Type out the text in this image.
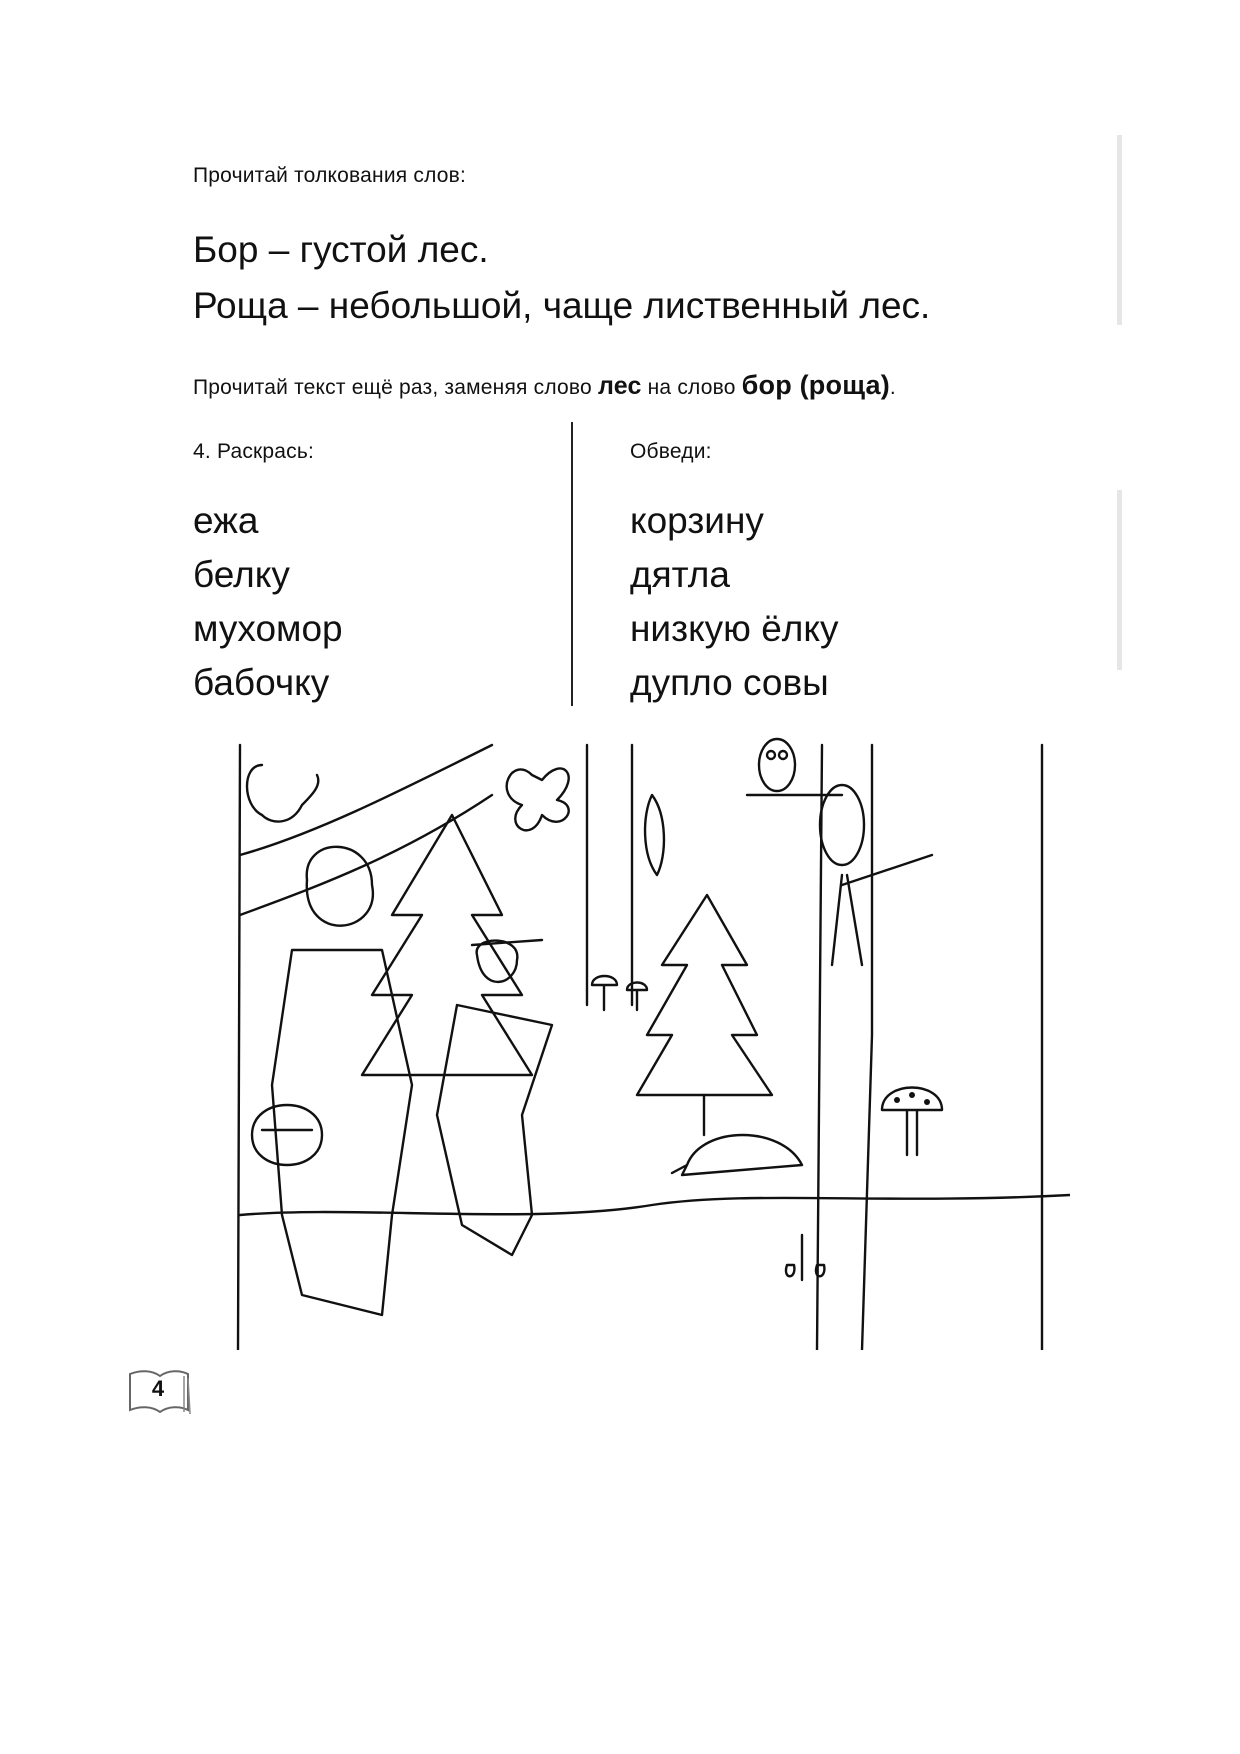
Прочитай толкования слов:
Бор – густой лес.
Роща – небольшой, чаще лиственный лес.
Прочитай текст ещё раз, заменяя слово лес на слово бор (роща).
4. Раскрась:
ежа
белку
мухомор
бабочку
Обведи:
корзину
дятла
низкую ёлку
дупло совы
4
